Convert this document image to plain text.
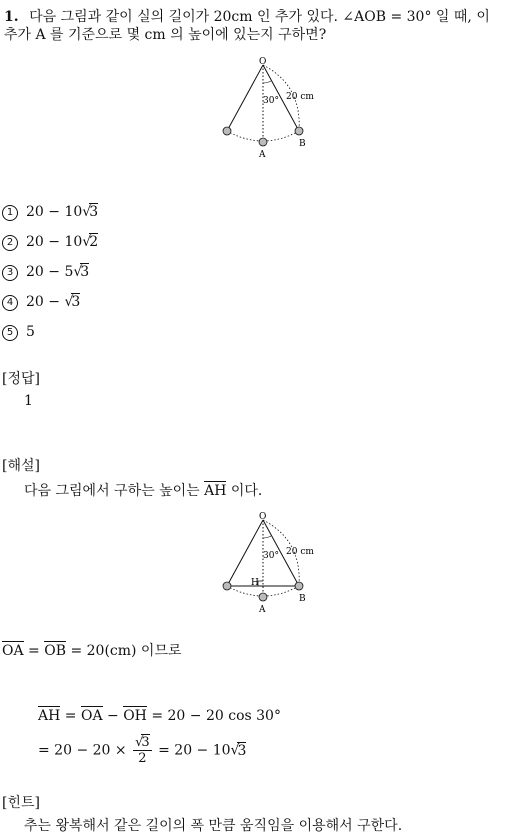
1. 다음 그림과 같이 실의 길이가 20cm 인 추가 있다. ∠AOB = 30° 일 때, 이
추가 A 를 기준으로 몇 cm 의 높이에 있는지 구하면?
O
30° 20 cm
A
B
1 20 − 10√3
2 20 − 10√2
3 20 − 5√3
4 20 − √3
5 5
[정답]
1
[해설]
다음 그림에서 구하는 높이는 AH 이다.
O
30° 20 cm
H
A
B
OA = OB = 20(cm) 이므로
AH = OA − OH = 20 − 20 cos 30°
= $20 - 20 \times \frac{√3}{2} = 20 - 10√3$
[힌트]
추는 왕복해서 같은 길이의 폭 만큼 움직임을 이용해서 구한다.
